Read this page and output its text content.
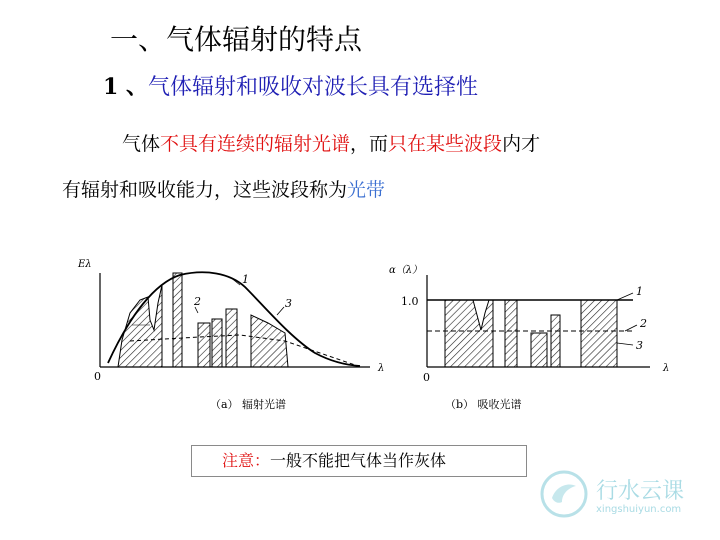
一、气体辐射的特点
1 、气体辐射和吸收对波长具有选择性
气体不具有连续的辐射光谱，而只在某些波段内才
有辐射和吸收能力，这些波段称为光带
Eλ
λ
0
1
2	3
（a） 辐射光谱
α（λ）
λ
1.0
0
1
2
3
（b） 吸收光谱
注意：一般不能把气体当作灰体
行水云课
xingshuiyun.com
